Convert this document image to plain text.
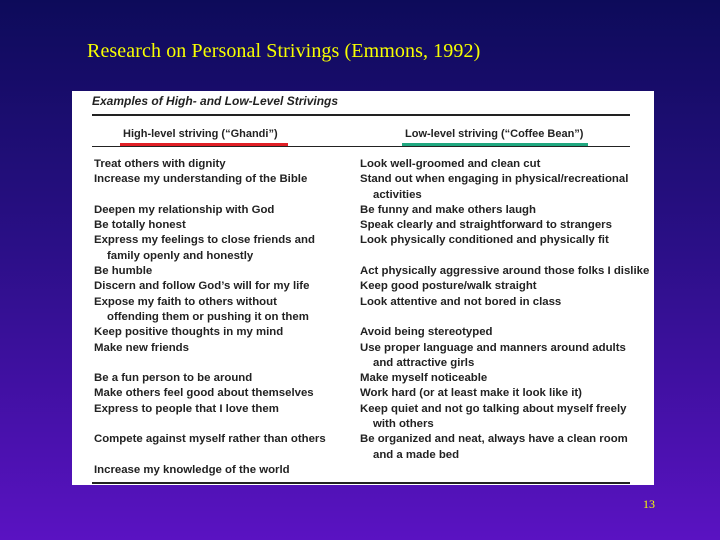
Research on Personal Strivings (Emmons, 1992)
Examples of High- and Low-Level Strivings
High-level striving (“Ghandi”)	Low-level striving (“Coffee Bean”)
Treat others with dignity
Increase my understanding of the Bible
Deepen my relationship with God
Be totally honest
Express my feelings to close friends and
family openly and honestly
Be humble
Discern and follow God’s will for my life
Expose my faith to others without
offending them or pushing it on them
Keep positive thoughts in my mind
Make new friends
Be a fun person to be around
Make others feel good about themselves
Express to people that I love them
Compete against myself rather than others
Increase my knowledge of the world
Look well-groomed and clean cut
Stand out when engaging in physical/recreational
activities
Be funny and make others laugh
Speak clearly and straightforward to strangers
Look physically conditioned and physically fit
Act physically aggressive around those folks I dislike
Keep good posture/walk straight
Look attentive and not bored in class
Avoid being stereotyped
Use proper language and manners around adults
and attractive girls
Make myself noticeable
Work hard (or at least make it look like it)
Keep quiet and not go talking about myself freely
with others
Be organized and neat, always have a clean room
and a made bed
13
